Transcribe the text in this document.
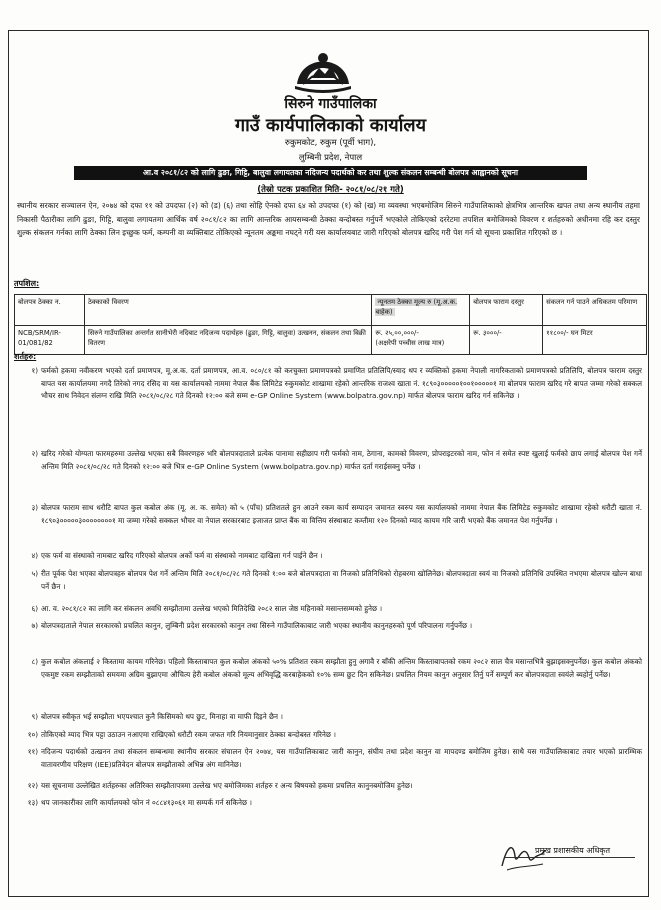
सिरुने गाउँपालिका
गाउँ कार्यपालिकाको कार्यालय
रुकुमकोट, रुकुम (पूर्वी भाग),
लुम्बिनी प्रदेश, नेपाल
आ.व २०८१/८२ को लागि ढुङा, गिट्टि, बालुवा लगायतका नदिजन्य पदार्थको कर तथा शुल्क संकलन सम्बन्धी बोलपत्र आह्वानको सूचना
(तेस्रो पटक प्रकाशित मिति- २०८१/०८/२१ गते)
स्थानीय सरकार सञ्चालन ऐन, २०७४ को दफा ११ को उपदफा (२) को (ड) (६) तथा सोहि ऐनको दफा ६४ को उपदफा (१) को (ख) मा व्यवस्था भएबमोजिम सिरुने गाउँपालिकाको क्षेत्रभित्र आन्तरिक खपत तथा अन्य स्थानीय तहमा निकासी पैठारीका लागि ढुङा, गिट्टि, बालुवा लगायतमा आर्थिक वर्ष २०८१/८२ का लागि आन्तरिक आयसम्बन्धी ठेक्का बन्दोबस्त गर्नुपर्ने भएकोले तोकिएको दररेटमा तपशिल बमोजिमको विवरण र शर्तहरुको अधीनमा रहि कर दस्तुर शुल्क संकलन गर्नका लागि ठेक्का लिन इच्छुक फर्म, कम्पनी वा व्यक्तिबाट तोकिएको न्यूनतम अङ्कमा नघट्ने गरी यस कार्यालयबाट जारी गरिएको बोलपत्र खरिद गरी पेश गर्न यो सूचना प्रकाशित गरिएको छ ।
तपशिल:
बोलपत्र ठेक्का न.	ठेक्काको विवरण	न्यूनतम ठेक्का मूल्य रु (मू.अ.क. बाहेक)	बोलपत्र फाराम दस्तुर	संकलन गर्न पाउने अधिकतम परिमाण
NCB/SRM/IR-01/081/82	सिरुने गाउँपालिका अन्तर्गत सानीभेरी नदिबाट नदिजन्य पदार्थहरु (ढुङा, गिट्टि, बालुवा) उत्खनन, संकलन तथा बिक्री वितरण	रू. २५,००,०००/-
(अक्षरेपी पच्चीस लाख मात्र)	रू. ३०००/-	११८००/- घन मिटर
शर्तहरु:
१) फर्मको हकमा नवीकरण भएको दर्ता प्रमाणपत्र, मू.अ.क. दर्ता प्रमाणपत्र, आ.व. ०८०/८१ को करचुक्ता प्रमाणपत्रको प्रमाणित प्रतिलिपि/स्याद थप र व्यक्तिको हकमा नेपाली नागरिकताको प्रमाणपत्रको प्रतिलिपि, बोलपत्र फाराम दस्तुर बापत यस कार्यालयमा नगदै तिरेको नगद रसिद वा यस कार्यालयको नाममा नेपाल बैंक लिमिटेड रुकुमकोट शाखामा रहेको आन्तरिक राजश्व खाता नं. १८९०३०००००१००१०००००१ मा बोलपत्र फाराम खरिद गरे बापत जम्मा गरेको सक्कल भौचर साथ निवेदन संलग्न राखि मिति २०८१/०८/२८ गते दिनको १२:०० बजे सम्म e-GP Online System (www.bolpatra.gov.np) मार्फत बोलपत्र फाराम खरिद गर्न सकिनेछ ।
२) खरिद गरेको योग्यता फारमहरुमा उल्लेख भएका सबै विवरणहरु भरि बोलपत्रदाताले प्रत्येक पानामा सहीछाप गरी फर्मको नाम, ठेगाना, कामको विवरण, प्रोपराइटरको नाम, फोन नं समेत स्पष्ट खुलाई फर्मको छाप लगाई बोलपत्र पेश गर्ने अन्तिम मिति २०८१/०८/२८ गते दिनको १२:०० बजे भित्र e-GP Online System (www.bolpatra.gov.np) मार्फत दर्ता गराईसक्नु पर्नेछ ।
३) बोलपत्र फाराम साथ धरौटि बापत कुल कबोल अंक (मू. अ. क. समेत) को ५ (पाँच) प्रतिशतले हुन आउने रकम कार्य सम्पादन जमानत स्वरुप यस कार्यालयको नाममा नेपाल बैंक लिमिटेड रुकुमकोट शाखामा रहेको धरौटी खाता नं. १८९०३०००००३००००००००१ मा जम्मा गरेको सक्कल भौचर वा नेपाल सरकारबाट इजाजत प्राप्त बैंक वा वित्तिय संस्थाबाट कम्तीमा १२० दिनको म्याद कायम गरि जारी भएको बैंक जमानत पेश गर्नुपर्नेछ ।
४) एक फर्म वा संस्थाको नामबाट खरिद गरिएको बोलपत्र अर्को फर्म वा संस्थाको नामबाट दाखिला गर्न पाईने छैन ।
५) रीत पूर्वक पेश भएका बोलपत्रहरु बोलपत्र पेश गर्ने अन्तिम मिति २०८१/०८/२८ गते दिनको १:०० बजे बोलपत्रदाता वा निजको प्रतिनिधिको रोहबरमा खोलिनेछ। बोलपत्रदाता स्वयं वा निजको प्रतिनिधि उपस्थित नभएमा बोलपत्र खोल्न बाधा पर्ने छैन ।
६) आ. व. २०८१/८२ का लागि कर संकलन अवधि सम्झौतामा उल्लेख भएको मितिदेखि २०८२ साल जेष्ठ महिनाको मसान्तसम्मको हुनेछ ।
७) बोलपत्रदाताले नेपाल सरकारको प्रचलित कानुन, लुम्बिनी प्रदेश सरकारको कानुन तथा सिरुने गाउँपालिकाबाट जारी भएका स्थानीय कानुनहरुको पूर्ण परिपालना गर्नुपर्नेछ ।
८) कुल कबोल अंकलाई २ किस्तामा कायम गरिनेछ। पहिलो किस्ताबापत कुल कबोल अंकको ५०% प्रतिशत रकम सम्झौता हुनु अगावै र बाँकी अन्तिम किस्ताबापतको रकम २०८२ साल चैत्र मसान्तभित्रै बुझाइसक्नुपर्नेछ। कुल कबोल अंकको एकमुष्ट रकम सम्झौताको समयमा अग्रिम बुझाएमा औचित्य हेरी कबोल अंकको मूल्य अभिवृद्धि करबाहेकको १०% सम्म छुट दिन सकिनेछ। प्रचलित नियम कानुन अनुसार तिर्नु पर्ने सम्पूर्ण कर बोलपत्रदाता स्वयंले ब्यहोर्नु पर्नेछ।
९) बोलपत्र स्वीकृत भई सम्झौता भएपश्चात कुनै किसिमको थप छुट, मिनाहा वा माफी दिइने छैन ।
१०) तोकिएको म्याद भित्र पट्टा उठाउन नआएमा राखिएको धरौटी रकम जफत गरि नियमानुसार ठेक्का बन्दोबस्त गरिनेछ ।
११) नदिजन्य पदार्थको उत्खनन तथा संकलन सम्बन्धमा स्थानीय सरकार संचालन ऐन २०७४, यस गाउँपालिकाबाट जारी कानुन, संघीय तथा प्रदेश कानुन वा मापदण्ड बमोजिम हुनेछ। साथै यस गाउँपालिकाबाट तयार भएको प्रारम्भिक वातावरणीय परिक्षण (IEE)प्रतिवेदन बोलपत्र सम्झौताको अभिन्न अंग मानिनेछ।
१२) यस सूचनामा उल्लेखित शर्तहरुका अतिरिक्त सम्झौतापत्रमा उल्लेख भए बमोजिमका शर्तहरु र अन्य बिषयको हकमा प्रचलित कानुनबमोजिम हुनेछ।
१३) थप जानकारीका लागि कार्यालयको फोन नं ०८८४१३०६१ मा सम्पर्क गर्न सकिनेछ ।
प्रमुख प्रशासकीय अधिकृत
